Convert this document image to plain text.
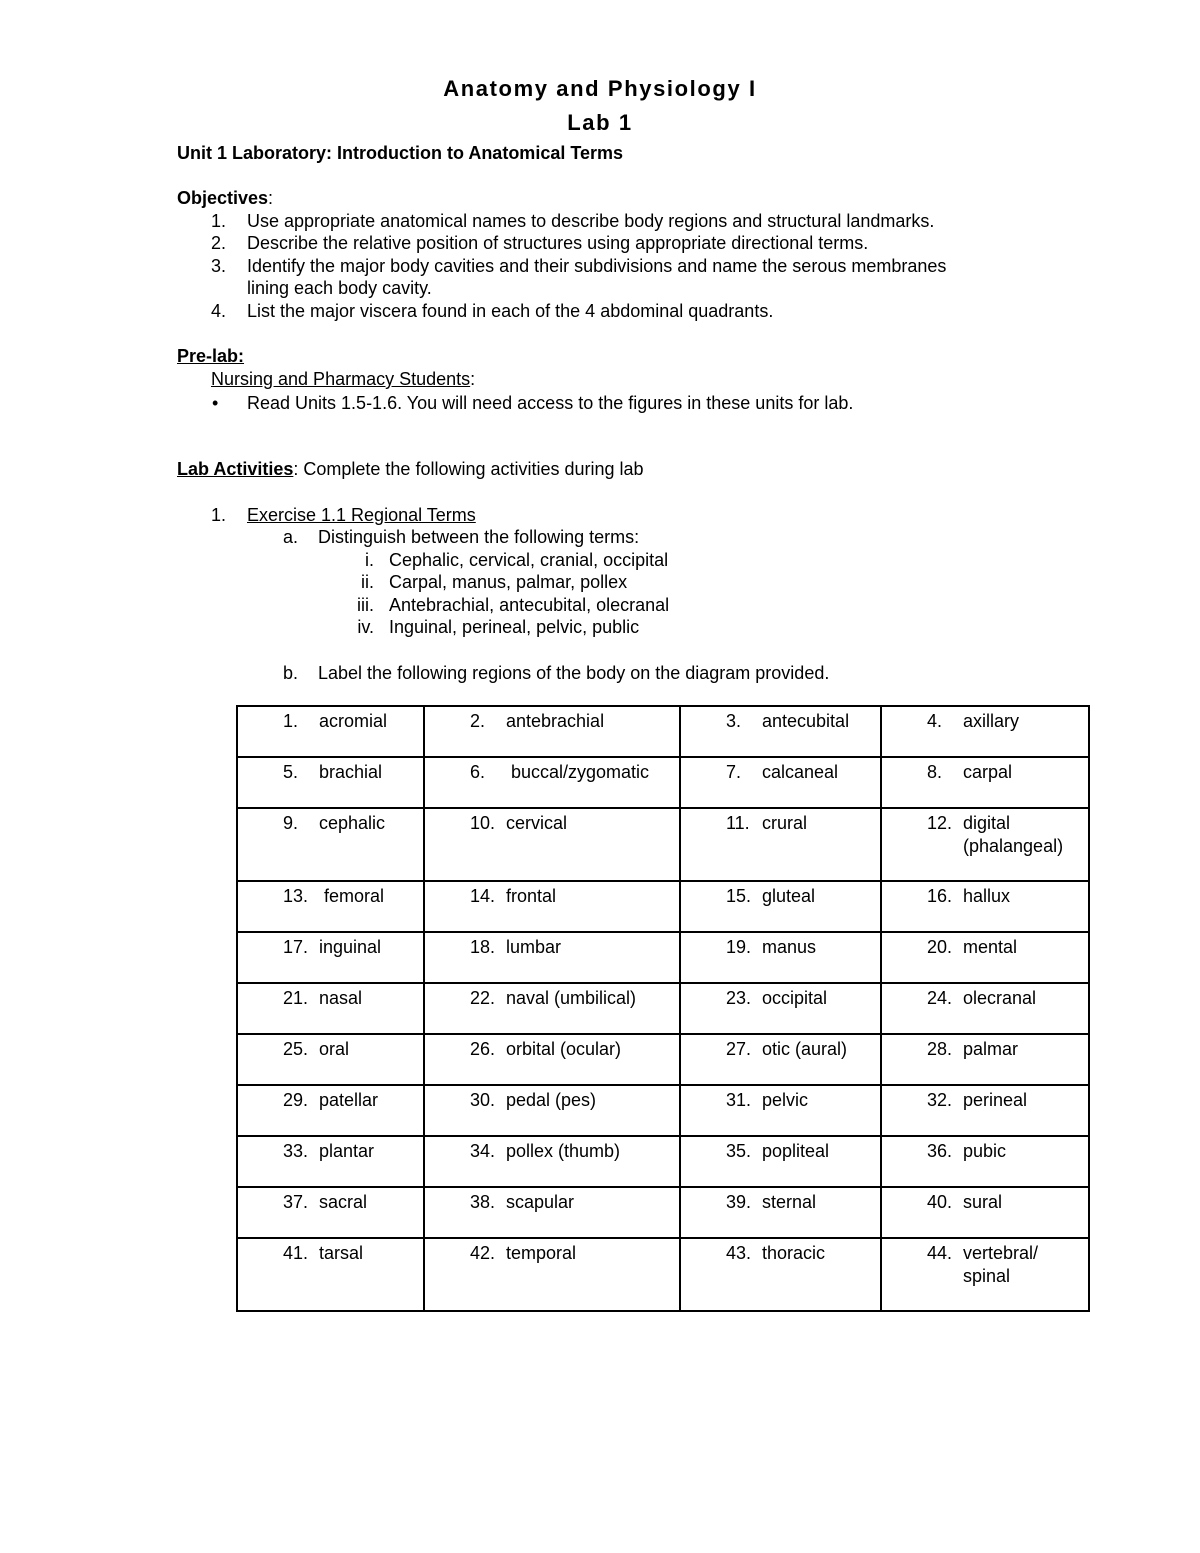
Anatomy and Physiology I
Lab 1
Unit 1 Laboratory: Introduction to Anatomical Terms
Objectives:
1. Use appropriate anatomical names to describe body regions and structural landmarks.
2. Describe the relative position of structures using appropriate directional terms.
3. Identify the major body cavities and their subdivisions and name the serous membranes
lining each body cavity.
4. List the major viscera found in each of the 4 abdominal quadrants.
Pre-lab:
Nursing and Pharmacy Students:
• Read Units 1.5-1.6. You will need access to the figures in these units for lab.
Lab Activities: Complete the following activities during lab
1. Exercise 1.1 Regional Terms
a. Distinguish between the following terms:
i. Cephalic, cervical, cranial, occipital
ii. Carpal, manus, palmar, pollex
iii. Antebrachial, antecubital, olecranal
iv. Inguinal, perineal, pelvic, public
b. Label the following regions of the body on the diagram provided.
1. acromial	2. antebrachial	3. antecubital	4. axillary

5. brachial	6. buccal/zygomatic	7. calcaneal	8. carpal

9. cephalic	10. cervical	11. crural	12. digital
(phalangeal)

13. femoral	14. frontal	15. gluteal	16. hallux

17. inguinal	18. lumbar	19. manus	20. mental

21. nasal	22. naval (umbilical)	23. occipital	24. olecranal

25. oral	26. orbital (ocular)	27. otic (aural)	28. palmar

29. patellar	30. pedal (pes)	31. pelvic	32. perineal

33. plantar	34. pollex (thumb)	35. popliteal	36. pubic

37. sacral	38. scapular	39. sternal	40. sural

41. tarsal	42. temporal	43. thoracic	44. vertebral/
spinal
